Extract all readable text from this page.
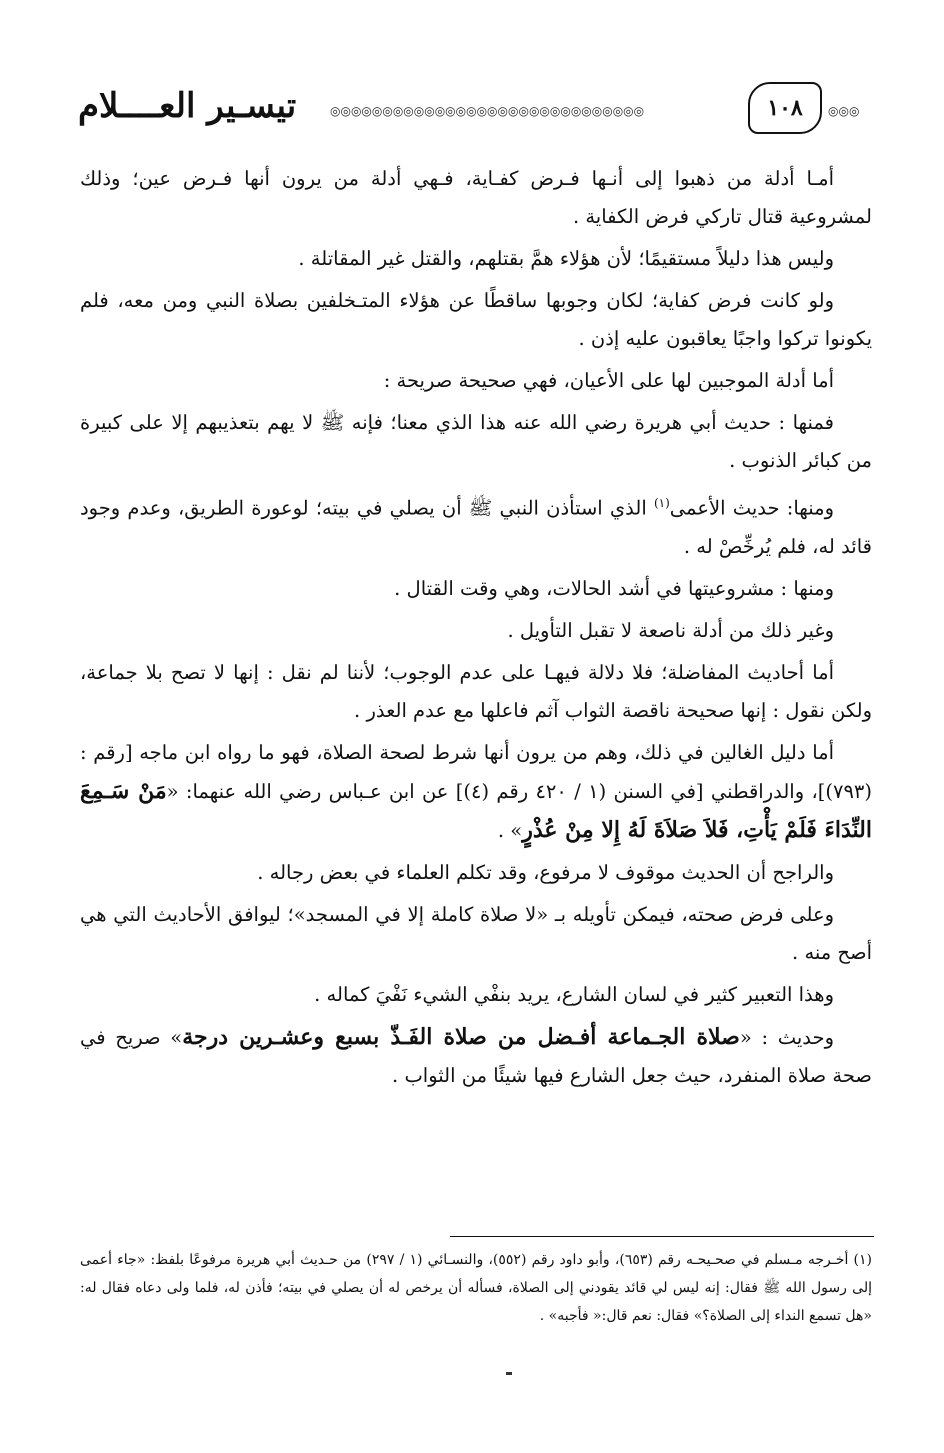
تيسـير العــــلام	◎◎◎◎◎◎◎◎◎◎◎◎◎◎◎◎◎◎◎◎◎◎◎◎◎◎◎◎◎◎	١٠٨	◎◎◎

أمـا أدلة من ذهبوا إلى أنـها فـرض كفـاية، فـهي أدلة من يرون أنها فـرض عين؛ وذلك لمشروعية قتال تاركي فرض الكفاية .

وليس هذا دليلاً مستقيمًا؛ لأن هؤلاء همَّ بقتلهم، والقتل غير المقاتلة .

ولو كانت فرض كفاية؛ لكان وجوبها ساقطًا عن هؤلاء المتـخلفين بصلاة النبي ومن معه، فلم يكونوا تركوا واجبًا يعاقبون عليه إذن .

أما أدلة الموجبين لها على الأعيان، فهي صحيحة صريحة :

فمنها : حديث أبي هريرة رضي الله عنه هذا الذي معنا؛ فإنه ﷺ لا يهم بتعذيبهم إلا على كبيرة من كبائر الذنوب .

ومنها: حديث الأعمى$^{(١)}$ الذي استأذن النبي ﷺ أن يصلي في بيته؛ لوعورة الطريق، وعدم وجود قائد له، فلم يُرخِّصْ له .

ومنها : مشروعيتها في أشد الحالات، وهي وقت القتال .

وغير ذلك من أدلة ناصعة لا تقبل التأويل .

أما أحاديث المفاضلة؛ فلا دلالة فيهـا على عدم الوجوب؛ لأننا لم نقل : إنها لا تصح بلا جماعة، ولكن نقول : إنها صحيحة ناقصة الثواب آثم فاعلها مع عدم العذر .

أما دليل الغالين في ذلك، وهم من يرون أنها شرط لصحة الصلاة، فهو ما رواه ابن ماجه [رقم : (٧٩٣)]، والدراقطني [في السنن (١ / ٤٢٠ رقم (٤)] عن ابن عـباس رضي الله عنهما: «مَنْ سَـمِعَ النِّدَاءَ فَلَمْ يَأْتِ، فَلاَ صَلاَةَ لَهُ إِلا مِنْ عُذْرٍ» .

والراجح أن الحديث موقوف لا مرفوع، وقد تكلم العلماء في بعض رجاله .

وعلى فرض صحته، فيمكن تأويله بـ «لا صلاة كاملة إلا في المسجد»؛ ليوافق الأحاديث التي هي أصح منه .

وهذا التعبير كثير في لسان الشارع، يريد بنفْي الشيء نَفْيَ كماله .

وحديث : «صلاة الجـماعة أفـضل من صلاة الفَـذّ بسبع وعشـرين درجة» صريح في صحة صلاة المنفرد، حيث جعل الشارع فيها شيئًا من الثواب .

(١) أخـرجه مـسلم في صحـيحـه رقم (٦٥٣)، وأبو داود رقم (٥٥٢)، والنسـائي (١ / ٢٩٧) من حـديث أبي هريرة مرفوعًا بلفظ: «جاء أعمى إلى رسول الله ﷺ فقال: إنه ليس لي قائد يقودني إلى الصلاة، فسأله أن يرخص له أن يصلي في بيته؛ فأذن له، فلما ولى دعاه فقال له: «هل تسمع النداء إلى الصلاة؟» فقال: نعم قال:« فأجبه» .
